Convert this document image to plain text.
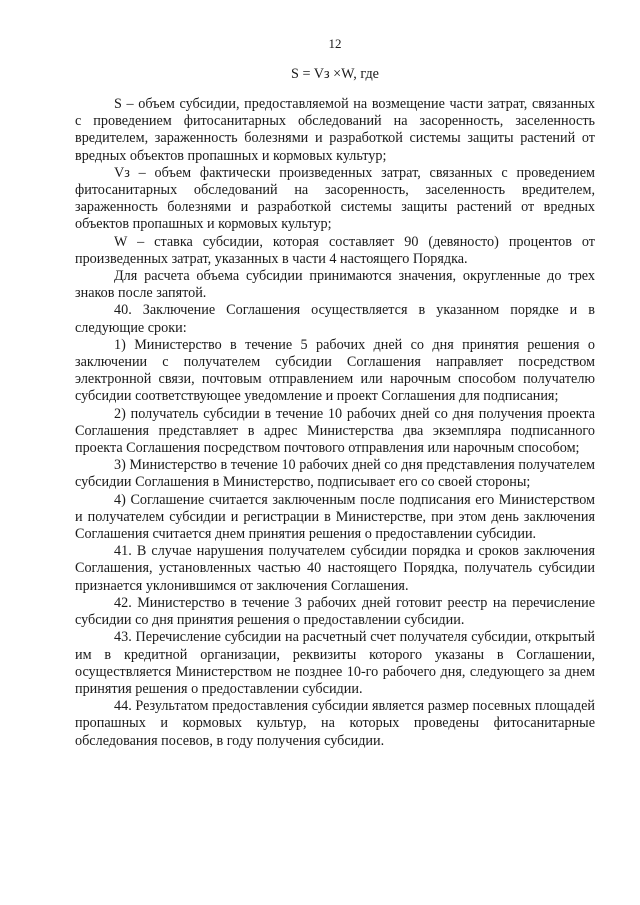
12
S = Vз ×W, где

S – объем субсидии, предоставляемой на возмещение части затрат, связанных с проведением фитосанитарных обследований на засоренность, заселенность вредителем, зараженность болезнями и разработкой системы защиты растений от вредных объектов пропашных и кормовых культур;

Vз – объем фактически произведенных затрат, связанных с проведением фитосанитарных обследований на засоренность, заселенность вредителем, зараженность болезнями и разработкой системы защиты растений от вредных объектов пропашных и кормовых культур;

W – ставка субсидии, которая составляет 90 (девяносто) процентов от произведенных затрат, указанных в части 4 настоящего Порядка.

Для расчета объема субсидии принимаются значения, округленные до трех знаков после запятой.

40. Заключение Соглашения осуществляется в указанном порядке и в следующие сроки:

1) Министерство в течение 5 рабочих дней со дня принятия решения о заключении с получателем субсидии Соглашения направляет посредством электронной связи, почтовым отправлением или нарочным способом получателю субсидии соответствующее уведомление и проект Соглашения для подписания;

2) получатель субсидии в течение 10 рабочих дней со дня получения проекта Соглашения представляет в адрес Министерства два экземпляра подписанного проекта Соглашения посредством почтового отправления или нарочным способом;

3) Министерство в течение 10 рабочих дней со дня представления получателем субсидии Соглашения в Министерство, подписывает его со своей стороны;

4) Соглашение считается заключенным после подписания его Министерством и получателем субсидии и регистрации в Министерстве, при этом день заключения Соглашения считается днем принятия решения о предоставлении субсидии.

41. В случае нарушения получателем субсидии порядка и сроков заключения Соглашения, установленных частью 40 настоящего Порядка, получатель субсидии признается уклонившимся от заключения Соглашения.

42. Министерство в течение 3 рабочих дней готовит реестр на перечисление субсидии со дня принятия решения о предоставлении субсидии.

43. Перечисление субсидии на расчетный счет получателя субсидии, открытый им в кредитной организации, реквизиты которого указаны в Соглашении, осуществляется Министерством не позднее 10-го рабочего дня, следующего за днем принятия решения о предоставлении субсидии.

44. Результатом предоставления субсидии является размер посевных площадей пропашных и кормовых культур, на которых проведены фитосанитарные обследования посевов, в году получения субсидии.
